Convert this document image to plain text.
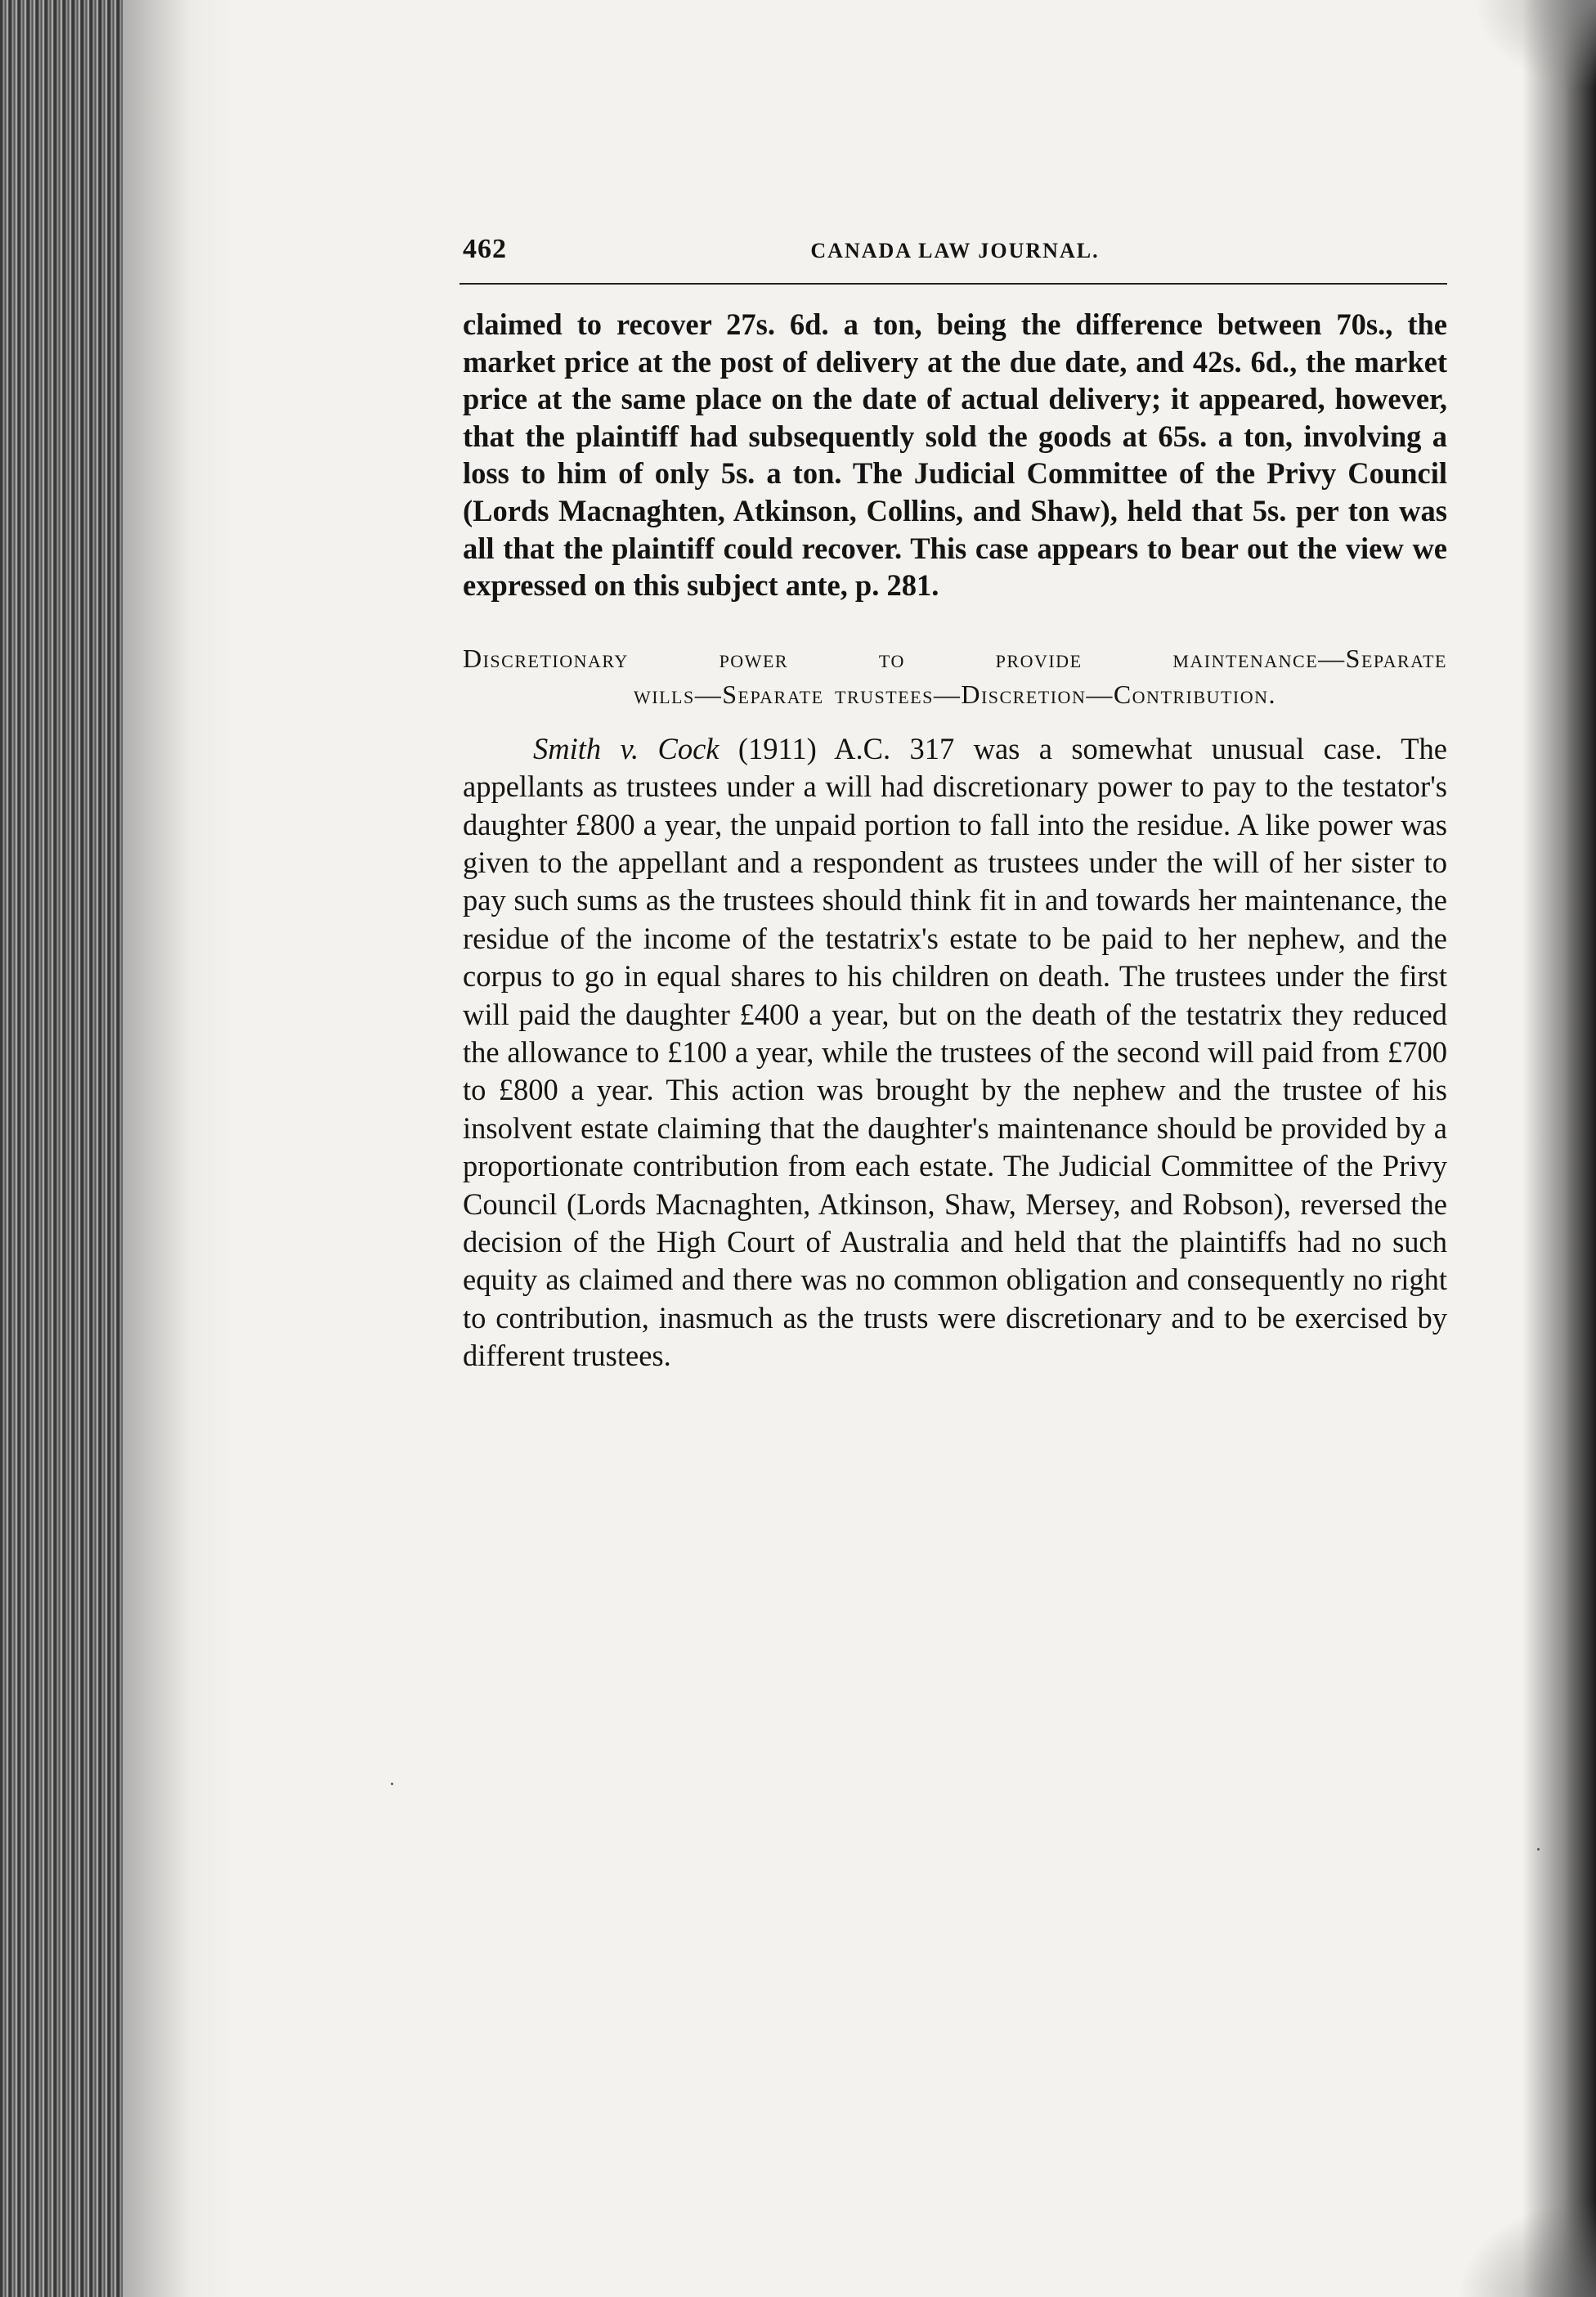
462	CANADA LAW JOURNAL.

claimed to recover 27s. 6d. a ton, being the difference between 70s., the market price at the post of delivery at the due date, and 42s. 6d., the market price at the same place on the date of actual delivery; it appeared, however, that the plaintiff had subsequently sold the goods at 65s. a ton, involving a loss to him of only 5s. a ton. The Judicial Committee of the Privy Council (Lords Macnaghten, Atkinson, Collins, and Shaw), held that 5s. per ton was all that the plaintiff could recover. This case appears to bear out the view we expressed on this subject ante, p. 281.

Discretionary power to provide maintenance—Separate
wills—Separate trustees—Discretion—Contribution.

Smith v. Cock (1911) A.C. 317 was a somewhat unusual case. The appellants as trustees under a will had discretionary power to pay to the testator's daughter £800 a year, the unpaid portion to fall into the residue. A like power was given to the appellant and a respondent as trustees under the will of her sister to pay such sums as the trustees should think fit in and towards her maintenance, the residue of the income of the testatrix's estate to be paid to her nephew, and the corpus to go in equal shares to his children on death. The trustees under the first will paid the daughter £400 a year, but on the death of the testatrix they reduced the allowance to £100 a year, while the trustees of the second will paid from £700 to £800 a year. This action was brought by the nephew and the trustee of his insolvent estate claiming that the daughter's maintenance should be provided by a proportionate contribution from each estate. The Judicial Committee of the Privy Council (Lords Macnaghten, Atkinson, Shaw, Mersey, and Robson), reversed the decision of the High Court of Australia and held that the plaintiffs had no such equity as claimed and there was no common obligation and consequently no right to contribution, inasmuch as the trusts were discretionary and to be exercised by different trustees.
